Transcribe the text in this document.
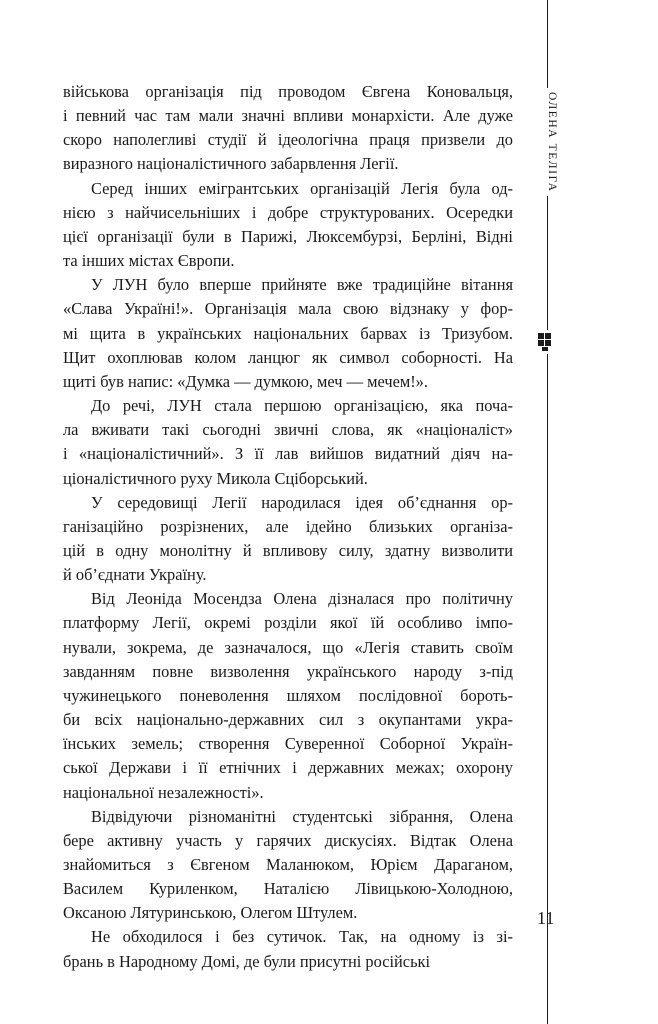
ОЛЕНА ТЕЛІГА

військова організація під проводом Євгена Коновальця,
і певний час там мали значні впливи монархісти. Але дуже
скоро наполегливі студії й ідеологічна праця призвели до
виразного націоналістичного забарвлення Легії.

Серед інших емігрантських організацій Легія була од-
нією з найчисельніших і добре структурованих. Осередки
цієї організації були в Парижі, Люксембурзі, Берліні, Відні
та інших містах Європи.

У ЛУН було вперше прийняте вже традиційне вітання
«Слава Україні!». Організація мала свою відзнаку у фор-
мі щита в українських національних барвах із Тризубом.
Щит охоплював колом ланцюг як символ соборності. На
щиті був напис: «Думка — думкою, меч — мечем!».

До речі, ЛУН стала першою організацією, яка поча-
ла вживати такі сьогодні звичні слова, як «націоналіст»
і «націоналістичний». З її лав вийшов видатний діяч на-
ціоналістичного руху Микола Сціборський.

У середовищі Легії народилася ідея об’єднання ор-
ганізаційно розрізнених, але ідейно близьких організа-
цій в одну монолітну й впливову силу, здатну визволити
й об’єднати Україну.

Від Леоніда Мосендза Олена дізналася про політичну
платформу Легії, окремі розділи якої їй особливо імпо-
нували, зокрема, де зазначалося, що «Легія ставить своїм
завданням повне визволення українського народу з-під
чужинецького поневолення шляхом послідовної бороть-
би всіх національно-державних сил з окупантами укра-
їнських земель; створення Суверенної Соборної Україн-
ської Держави і її етнічних і державних межах; охорону
національної незалежності».

Відвідуючи різноманітні студентські зібрання, Олена
бере активну участь у гарячих дискусіях. Відтак Олена
знайомиться з Євгеном Маланюком, Юрієм Дараганом,
Василем Куриленком, Наталією Лівицькою-Холодною,
Оксаною Лятуринською, Олегом Штулем.

Не обходилося і без сутичок. Так, на одному із зі-
брань в Народному Домі, де були присутні російські

11
